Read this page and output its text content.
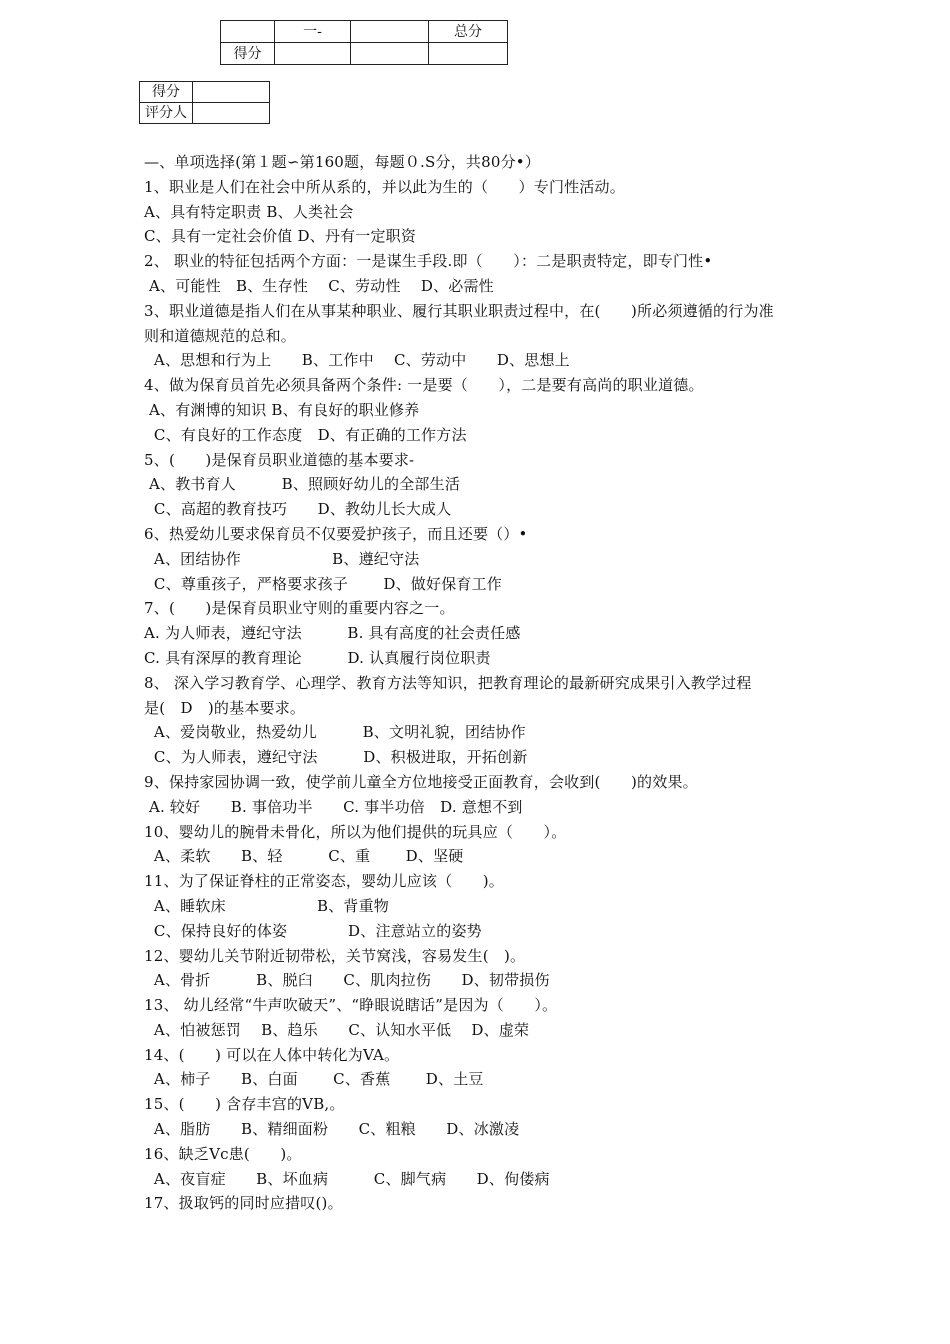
	一-		总分
得分			
得分	
评分人	
—、单项选择(第１题∽第160题，每题０.S分，共80分•）
1、职业是人们在社会中所从系的，并以此为生的（　　）专门性活动。
A、具有特定职责 B、人类社会
C、具有一定社会价值 D、丹有一定职资
2、 职业的特征包括两个方面：一是谋生手段.即（　　）：二是职责特定，即专门性•
A、可能性　B、生存性　 C、劳动性　 D、必需性
3、职业道德是指人们在从事某种职业、履行其职业职责过程中，在(　　)所必须遵循的行为准
则和道德规范的总和。
A、思想和行为上　　B、工作中　 C、劳动中　　D、思想上
4、做为保育员首先必须具备两个条件: 一是要（　　），二是要有高尚的职业道德。
A、有渊博的知识 B、有良好的职业修养
C、有良好的工作态度　D、有正确的工作方法
5、(　　)是保育员职业道德的基本要求-
A、教书育人　　　B、照顾好幼儿的全部生活
C、高超的教育技巧　　D、教幼儿长大成人
6、热爱幼儿要求保育员不仅要爱护孩子，而且还要（）•
A、团结协作　　　　　　B、遵纪守法
C、尊重孩子，严格要求孩子　　 D、做好保育工作
7、(　　)是保育员职业守则的重要内容之一。
A. 为人师表，遵纪守法　　　B. 具有高度的社会责任感
C. 具有深厚的教育理论　　　D. 认真履行岗位职责
8、 深入学习教育学、心理学、教育方法等知识，把教育理论的最新研究成果引入教学过程
是(　D　)的基本要求。
A、爱岗敬业，热爱幼儿　　　B、文明礼貌，团结协作
C、为人师表，遵纪守法　　　D、积极进取，开拓创新
9、保持家园协调一致，使学前儿童全方位地接受正面教育，会收到(　　)的效果。
A. 较好　　B. 事倍功半　　C. 事半功倍　D. 意想不到
10、婴幼儿的腕骨未骨化，所以为他们提供的玩具应（　　）。
A、柔软　　B、轻　　　C、重　　 D、坚硬
11、为了保证脊柱的正常姿态，婴幼儿应该（　　)。
A、睡软床　　　　　　B、背重物
C、保持良好的体姿　　　　D、注意站立的姿势
12、婴幼儿关节附近韧带松，关节窝浅，容易发生(　)。
A、骨折　　　B、脱臼　　C、肌肉拉伤　　D、韧带损伤
13、 幼儿经常“牛声吹破天”、“睁眼说瞎话”是因为（　　）。
A、怕被惩罚　 B、趋乐　　C、认知水平低　 D、虚荣
14、(　　) 可以在人体中转化为VA。
A、柿子　　B、白面　　 C、香蕉　　 D、土豆
15、(　　) 含存丰宫的VB,。
A、脂肪　　B、精细面粉　　C、粗粮　　D、冰激凌
16、缺乏Vc患(　　)。
A、夜盲症　　B、坏血病　　　C、脚气病　　D、佝偻病
17、扱取钙的同时应措叹()。
